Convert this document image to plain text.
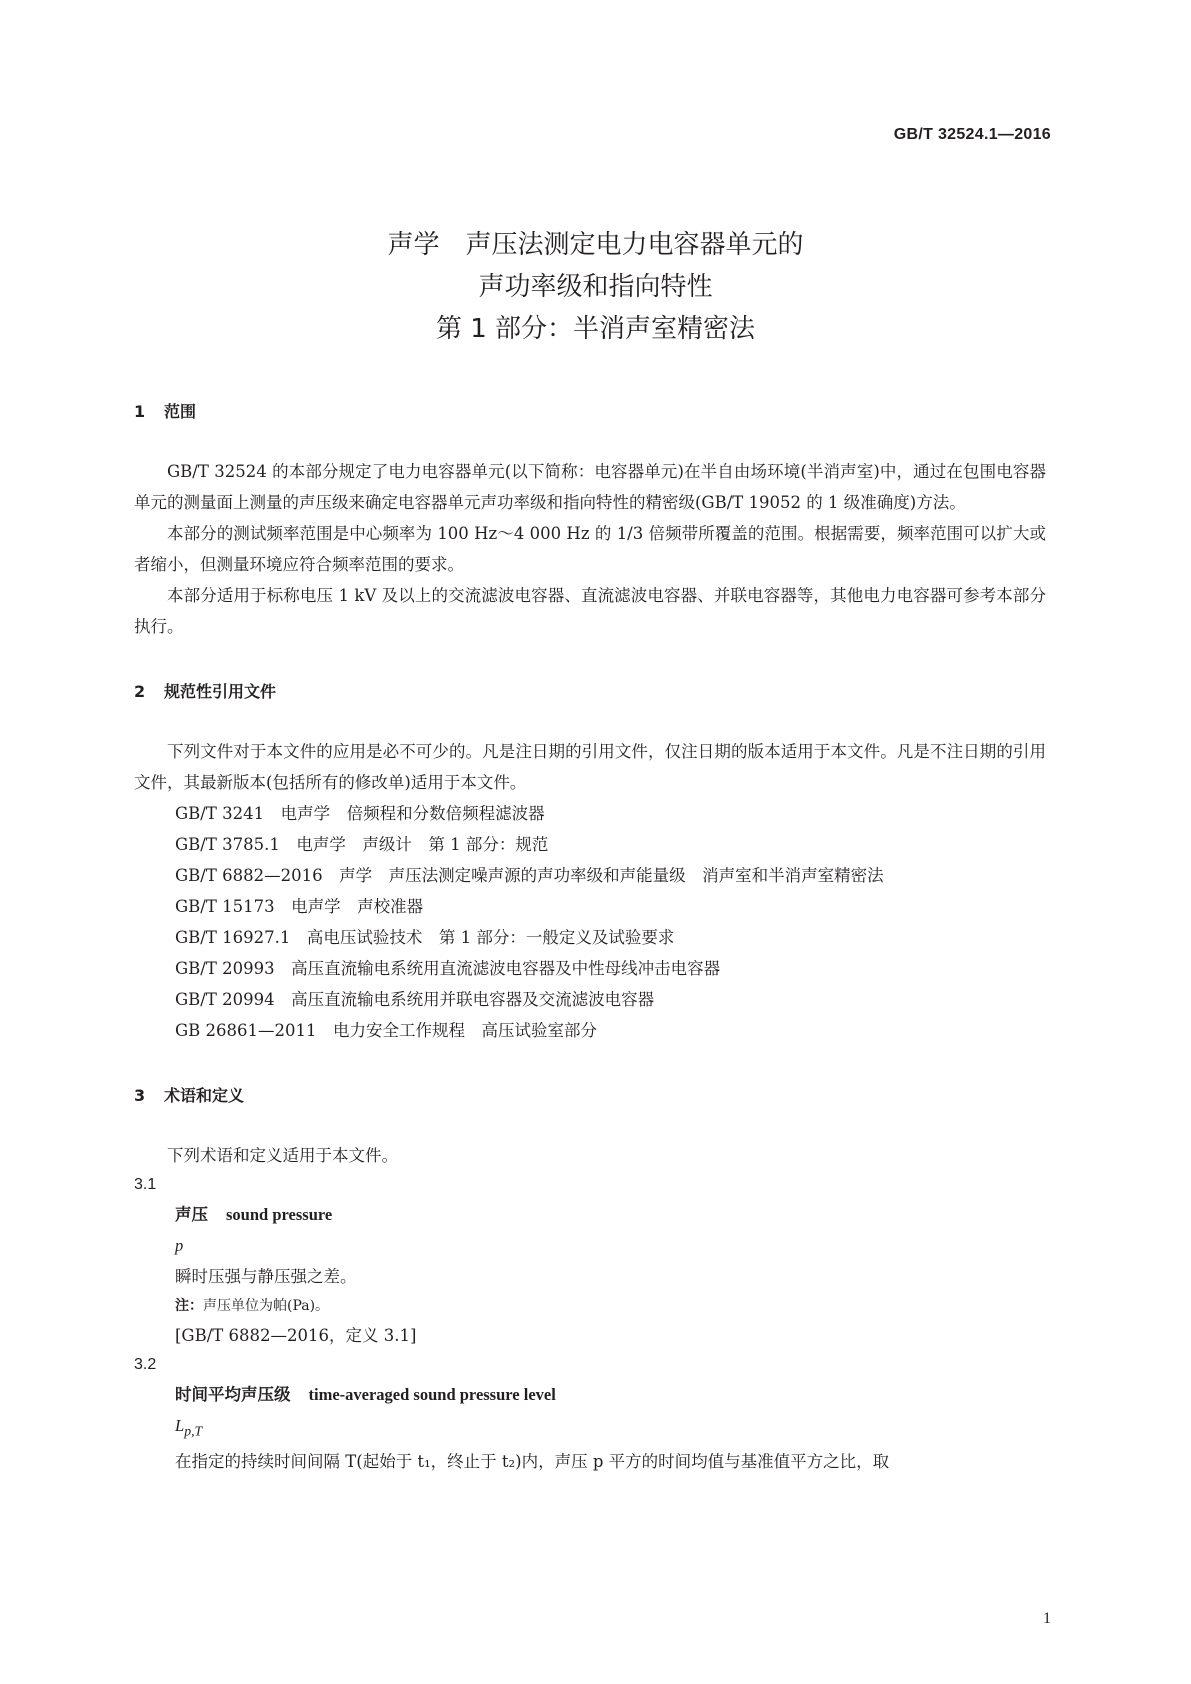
GB/T 32524.1—2016
声学　声压法测定电力电容器单元的
声功率级和指向特性
第 1 部分：半消声室精密法
1 范围
GB/T 32524 的本部分规定了电力电容器单元(以下简称：电容器单元)在半自由场环境(半消声室)中，通过在包围电容器单元的测量面上测量的声压级来确定电容器单元声功率级和指向特性的精密级(GB/T 19052 的 1 级准确度)方法。
本部分的测试频率范围是中心频率为 100 Hz～4 000 Hz 的 1/3 倍频带所覆盖的范围。根据需要，频率范围可以扩大或者缩小，但测量环境应符合频率范围的要求。
本部分适用于标称电压 1 kV 及以上的交流滤波电容器、直流滤波电容器、并联电容器等，其他电力电容器可参考本部分执行。
2 规范性引用文件
下列文件对于本文件的应用是必不可少的。凡是注日期的引用文件，仅注日期的版本适用于本文件。凡是不注日期的引用文件，其最新版本(包括所有的修改单)适用于本文件。
GB/T 3241　 电声学　倍频程和分数倍频程滤波器
GB/T 3785.1　 电声学　声级计　第 1 部分：规范
GB/T 6882—2016　 声学　声压法测定噪声源的声功率级和声能量级　消声室和半消声室精密法
GB/T 15173　 电声学　声校准器
GB/T 16927.1　 高电压试验技术　第 1 部分：一般定义及试验要求
GB/T 20993　 高压直流输电系统用直流滤波电容器及中性母线冲击电容器
GB/T 20994　 高压直流输电系统用并联电容器及交流滤波电容器
GB 26861—2011　 电力安全工作规程　高压试验室部分
3 术语和定义
下列术语和定义适用于本文件。
3.1
声压 sound pressure
p
瞬时压强与静压强之差。
注：声压单位为帕(Pa)。
[GB/T 6882—2016，定义 3.1]
3.2
时间平均声压级 time-averaged sound pressure level
$L_{p,T}$
在指定的持续时间间隔 T(起始于 t₁，终止于 t₂)内，声压 p 平方的时间均值与基准值平方之比，取
1
